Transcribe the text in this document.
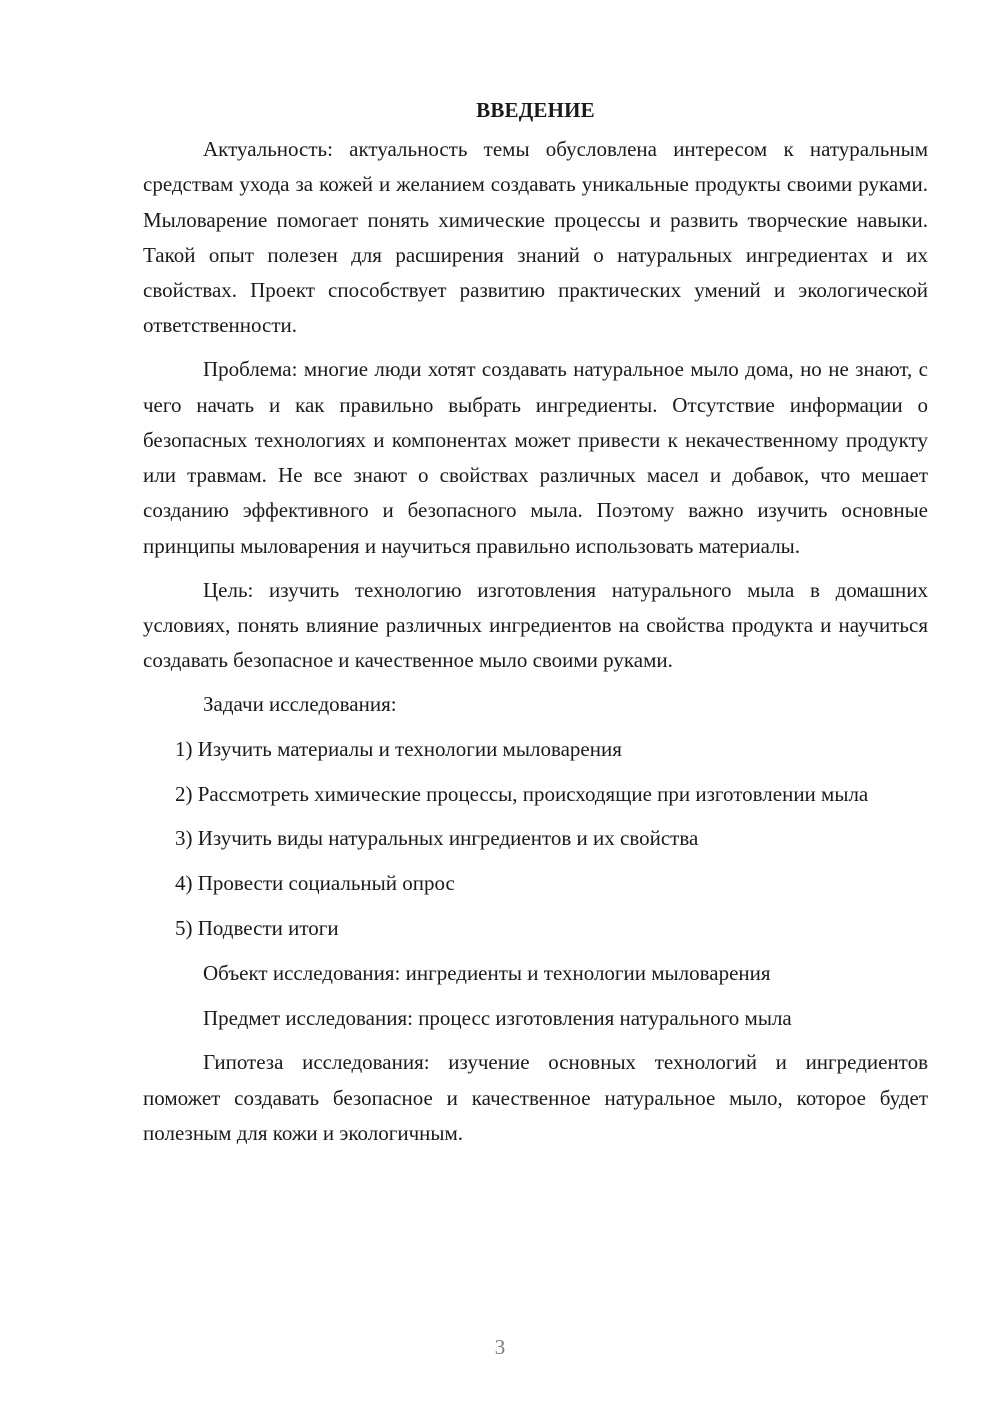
ВВЕДЕНИЕ

Актуальность: актуальность темы обусловлена интересом к натуральным средствам ухода за кожей и желанием создавать уникальные продукты своими руками. Мыловарение помогает понять химические процессы и развить творческие навыки. Такой опыт полезен для расширения знаний о натуральных ингредиентах и их свойствах. Проект способствует развитию практических умений и экологической ответственности.

Проблема: многие люди хотят создавать натуральное мыло дома, но не знают, с чего начать и как правильно выбрать ингредиенты. Отсутствие информации о безопасных технологиях и компонентах может привести к некачественному продукту или травмам. Не все знают о свойствах различных масел и добавок, что мешает созданию эффективного и безопасного мыла. Поэтому важно изучить основные принципы мыловарения и научиться правильно использовать материалы.

Цель: изучить технологию изготовления натурального мыла в домашних условиях, понять влияние различных ингредиентов на свойства продукта и научиться создавать безопасное и качественное мыло своими руками.

Задачи исследования:
1) Изучить материалы и технологии мыловарения
2) Рассмотреть химические процессы, происходящие при изготовлении мыла
3) Изучить виды натуральных ингредиентов и их свойства
4) Провести социальный опрос
5) Подвести итоги
Объект исследования: ингредиенты и технологии мыловарения
Предмет исследования: процесс изготовления натурального мыла

Гипотеза исследования: изучение основных технологий и ингредиентов поможет создавать безопасное и качественное натуральное мыло, которое будет полезным для кожи и экологичным.

3
